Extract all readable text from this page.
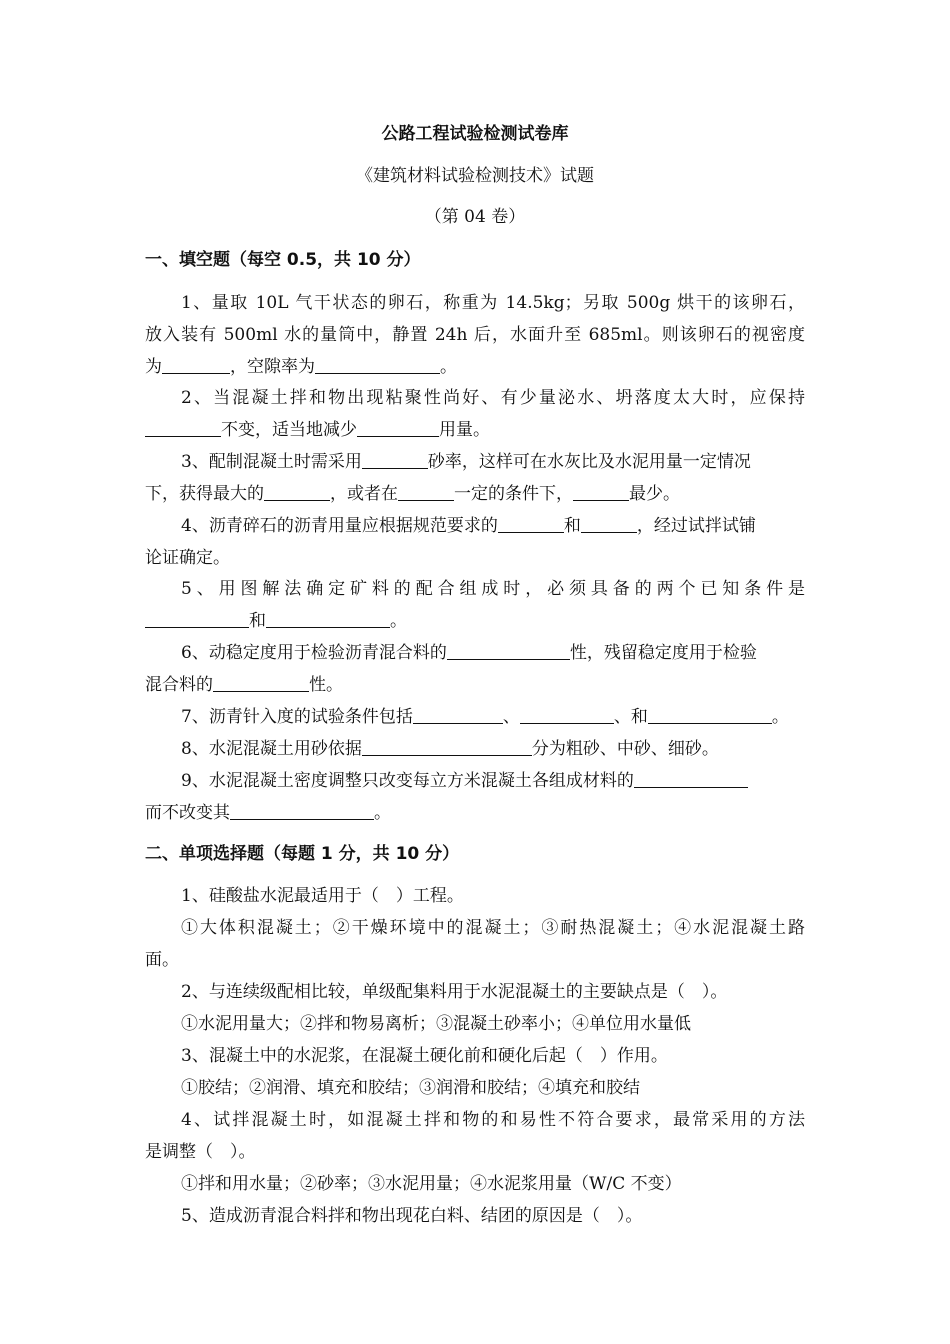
公路工程试验检测试卷库
《建筑材料试验检测技术》试题
（第 04 卷）
一、填空题（每空 0.5，共 10 分）
1、量取 10L 气干状态的卵石，称重为 14.5kg；另取 500g 烘干的该卵石，
放入装有 500ml 水的量筒中，静置 24h 后，水面升至 685ml。则该卵石的视密度
为	，空隙率为	。
2、当混凝土拌和物出现粘聚性尚好、有少量泌水、坍落度太大时，应保持
不变，适当地减少	用量。
3、配制混凝土时需采用	砂率，这样可在水灰比及水泥用量一定情况
下，获得最大的	，或者在	一定的条件下，	最少。
4、沥青碎石的沥青用量应根据规范要求的	和	，经过试拌试铺
论证确定。
5、用图解法确定矿料的配合组成时，必须具备的两个已知条件是
和	。
6、动稳定度用于检验沥青混合料的	性，残留稳定度用于检验
混合料的	性。
7、沥青针入度的试验条件包括	、	、和	。
8、水泥混凝土用砂依据	分为粗砂、中砂、细砂。
9、水泥混凝土密度调整只改变每立方米混凝土各组成材料的
而不改变其	。
二、单项选择题（每题 1 分，共 10 分）
1、硅酸盐水泥最适用于（　）工程。
①大体积混凝土；②干燥环境中的混凝土；③耐热混凝土；④水泥混凝土路
面。
2、与连续级配相比较，单级配集料用于水泥混凝土的主要缺点是（　）。
①水泥用量大；②拌和物易离析；③混凝土砂率小；④单位用水量低
3、混凝土中的水泥浆，在混凝土硬化前和硬化后起（　）作用。
①胶结；②润滑、填充和胶结；③润滑和胶结；④填充和胶结
4、试拌混凝土时，如混凝土拌和物的和易性不符合要求，最常采用的方法
是调整（　）。
①拌和用水量；②砂率；③水泥用量；④水泥浆用量（W/C 不变）
5、造成沥青混合料拌和物出现花白料、结团的原因是（　）。
